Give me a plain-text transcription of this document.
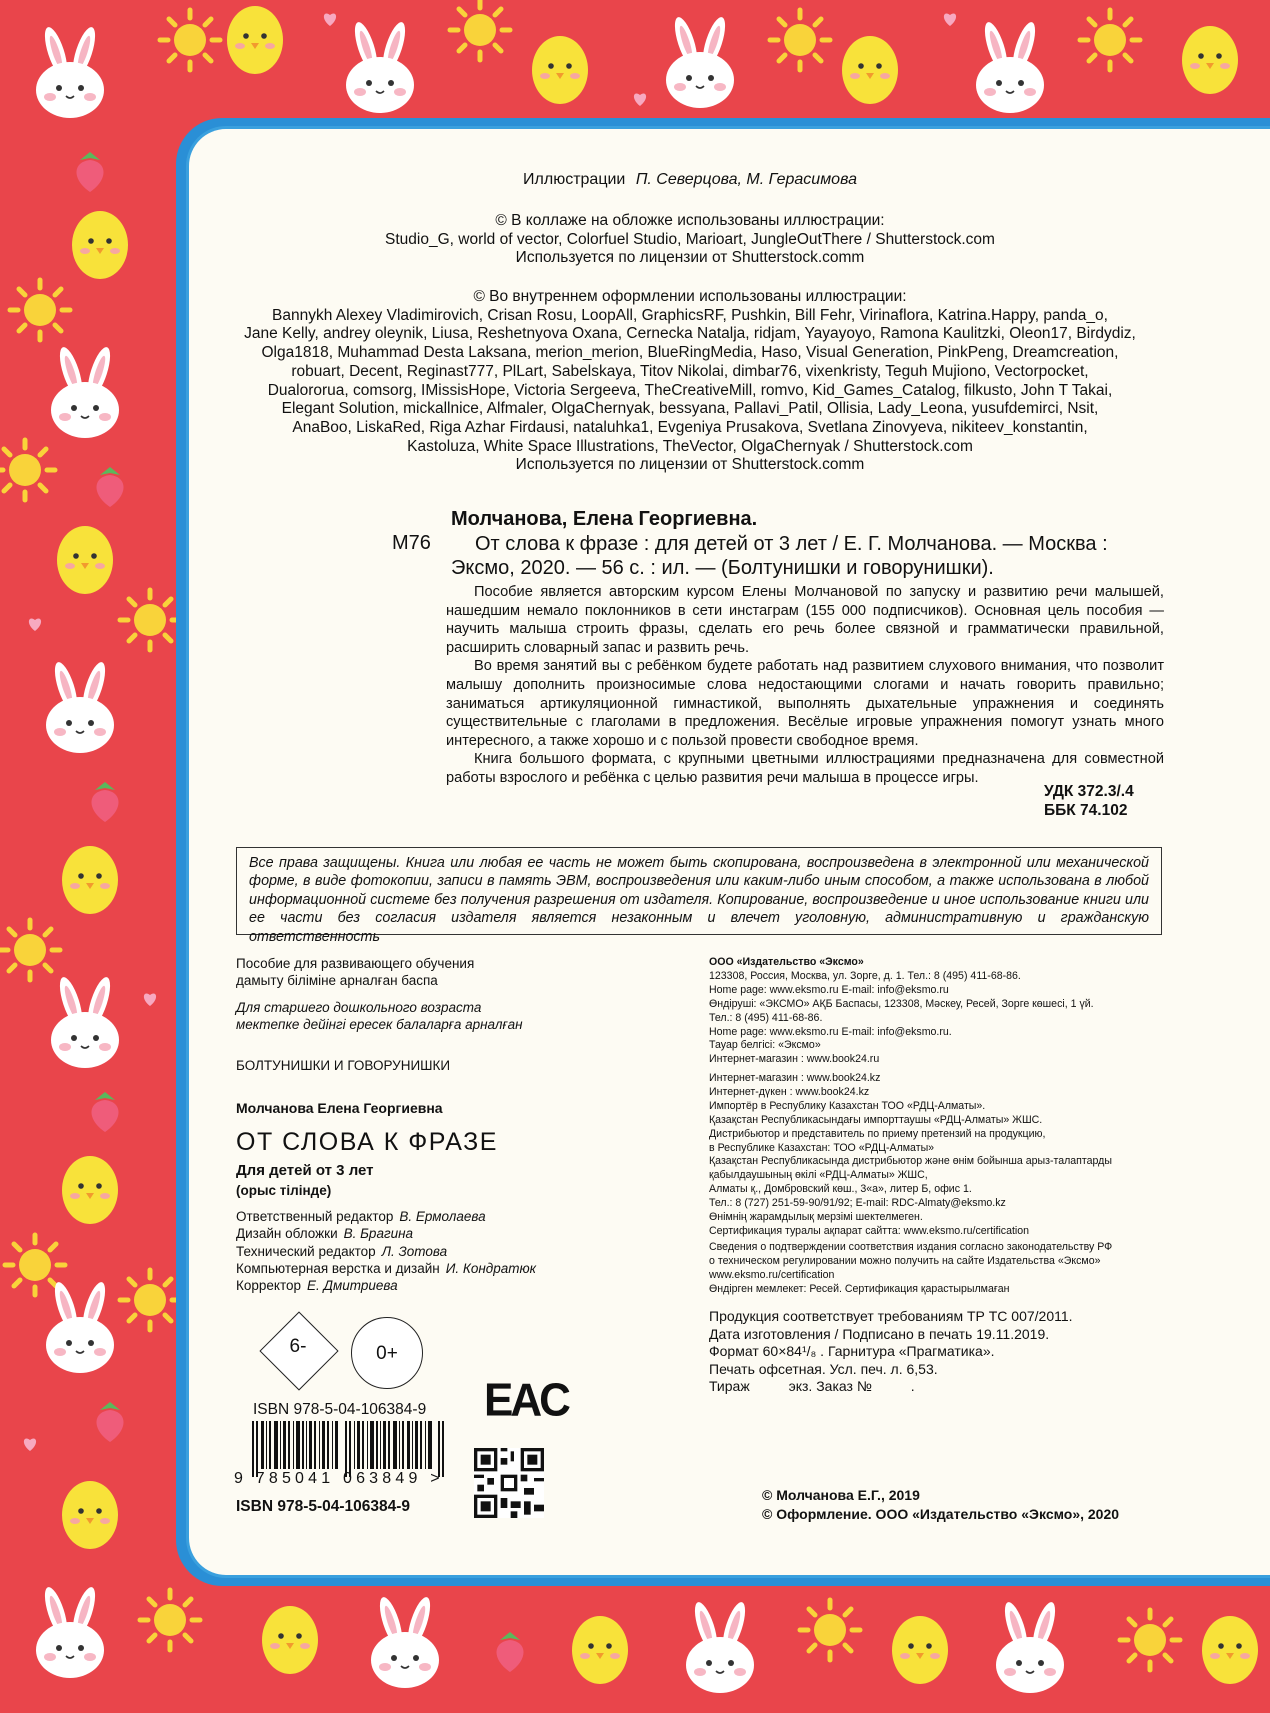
Иллюстрации П. Северцова, М. Герасимова
© В коллаже на обложке использованы иллюстрации:
Studio_G, world of vector, Colorfuel Studio, Marioart, JungleOutThere / Shutterstock.com
Используется по лицензии от Shutterstock.comm
© Во внутреннем оформлении использованы иллюстрации:
Bannykh Alexey Vladimirovich, Crisan Rosu, LoopAll, GraphicsRF, Pushkin, Bill Fehr, Virinaflora, Katrina.Happy, panda_o,
Jane Kelly, andrey oleynik, Liusa, Reshetnyova Oxana, Cernecka Natalja, ridjam, Yayayoyo, Ramona Kaulitzki, Oleon17, Birdydiz,
Olga1818, Muhammad Desta Laksana, merion_merion, BlueRingMedia, Haso, Visual Generation, PinkPeng, Dreamcreation,
robuart, Decent, Reginast777, PlLart, Sabelskaya, Titov Nikolai, dimbar76, vixenkristy, Teguh Mujiono, Vectorpocket,
Dualororua, comsorg, IMissisHope, Victoria Sergeeva, TheCreativeMill, romvo, Kid_Games_Catalog, filkusto, John T Takai,
Elegant Solution, mickallnice, Alfmaler, OlgaChernyak, bessyana, Pallavi_Patil, Ollisia, Lady_Leona, yusufdemirci, Nsit,
AnaBoo, LiskaRed, Riga Azhar Firdausi, nataluhka1, Evgeniya Prusakova, Svetlana Zinovyeva, nikiteev_konstantin,
Kastoluza, White Space Illustrations, TheVector, OlgaChernyak / Shutterstock.com
Используется по лицензии от Shutterstock.comm
Молчанова, Елена Георгиевна.
М76	От слова к фразе : для детей от 3 лет / Е. Г. Молчанова. — Москва : Эксмо, 2020. — 56 с. : ил. — (Болтунишки и говорунишки).

Пособие является авторским курсом Елены Молчановой по запуску и развитию речи малышей, нашедшим немало поклонников в сети инстаграм (155 000 подписчиков). Основная цель пособия — научить малыша строить фразы, сделать его речь более связной и грамматически правильной, расширить словарный запас и развить речь.

Во время занятий вы с ребёнком будете работать над развитием слухового внимания, что позволит малышу дополнить произносимые слова недостающими слогами и начать говорить правильно; заниматься артикуляционной гимнастикой, выполнять дыхательные упражнения и соединять существительные с глаголами в предложения. Весёлые игровые упражнения помогут узнать много интересного, а также хорошо и с пользой провести свободное время.

Книга большого формата, с крупными цветными иллюстрациями предназначена для совместной работы взрослого и ребёнка с целью развития речи малыша в процессе игры.

УДК 372.3/.4
ББК 74.102
Все права защищены. Книга или любая ее часть не может быть скопирована, воспроизведена в электронной или механической форме, в виде фотокопии, записи в память ЭВМ, воспроизведения или каким-либо иным способом, а также использована в любой информационной системе без получения разрешения от издателя. Копирование, воспроизведение и иное использование книги или ее части без согласия издателя является незаконным и влечет уголовную, административную и гражданскую ответственность
Пособие для развивающего обучения
дамыту біліміне арналған баспа
Для старшего дошкольного возраста
мектепке дейінгі ересек балаларға арналған
БОЛТУНИШКИ И ГОВОРУНИШКИ
Молчанова Елена Георгиевна
ОТ СЛОВА К ФРАЗЕ
Для детей от 3 лет
(орыс тілінде)
Ответственный редактор В. Ермолаева
Дизайн обложки В. Брагина
Технический редактор Л. Зотова
Компьютерная верстка и дизайн И. Кондратюк
Корректор Е. Дмитриева
6-	0+
EAC
ISBN 978-5-04-106384-9
9 785041 063849 >
ISBN 978-5-04-106384-9
ООО «Издательство «Эксмо»
123308, Россия, Москва, ул. Зорге, д. 1. Тел.: 8 (495) 411-68-86.
Home page: www.eksmo.ru E-mail: info@eksmo.ru
Өндіруші: «ЭКСМО» АҚБ Баспасы, 123308, Мәскеу, Ресей, Зорге көшесі, 1 үй.
Тел.: 8 (495) 411-68-86.
Home page: www.eksmo.ru E-mail: info@eksmo.ru.
Тауар белгісі: «Эксмо»
Интернет-магазин : www.book24.ru
Интернет-магазин : www.book24.kz
Интернет-дүкен : www.book24.kz
Импортёр в Республику Казахстан ТОО «РДЦ-Алматы».
Қазақстан Республикасындағы импорттаушы «РДЦ-Алматы» ЖШС.
Дистрибьютор и представитель по приему претензий на продукцию,
в Республике Казахстан: ТОО «РДЦ-Алматы»
Қазақстан Республикасында дистрибьютор және өнім бойынша арыз-талаптарды
қабылдаушының өкілі «РДЦ-Алматы» ЖШС,
Алматы қ., Домбровский көш., 3«а», литер Б, офис 1.
Тел.: 8 (727) 251-59-90/91/92; E-mail: RDC-Almaty@eksmo.kz
Өнімнің жарамдылық мерзімі шектелмеген.
Сертификация туралы ақпарат сайтта: www.eksmo.ru/certification
Сведения о подтверждении соответствия издания согласно законодательству РФ
о техническом регулировании можно получить на сайте Издательства «Эксмо»
www.eksmo.ru/certification
Өндірген мемлекет: Ресей. Сертификация қарастырылмаған
Продукция соответствует требованиям ТР ТС 007/2011.
Дата изготовления / Подписано в печать 19.11.2019.
Формат 60×84¹/₈ . Гарнитура «Прагматика».
Печать офсетная. Усл. печ. л. 6,53.
Тираж          экз. Заказ №          .
© Молчанова Е.Г., 2019
© Оформление. ООО «Издательство «Эксмо», 2020
